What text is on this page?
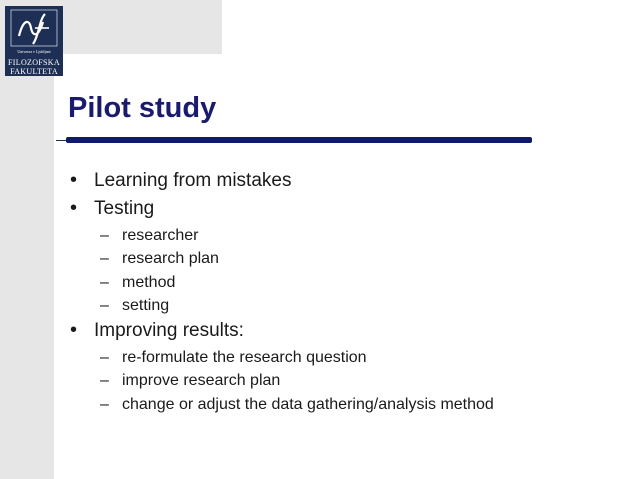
Univerza v Ljubljani
FILOZOFSKA
FAKULTETA
Pilot study
• Learning from mistakes
• Testing
– researcher
– research plan
– method
– setting
• Improving results:
– re-formulate the research question
– improve research plan
– change or adjust the data gathering/analysis method
